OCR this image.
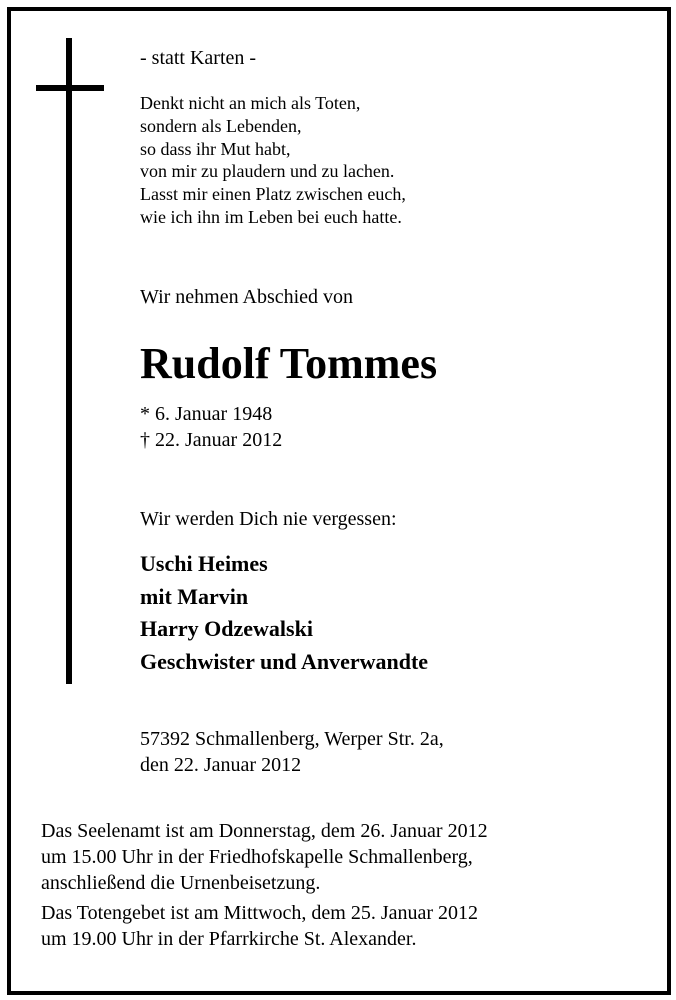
- statt Karten -

Denkt nicht an mich als Toten,
sondern als Lebenden,
so dass ihr Mut habt,
von mir zu plaudern und zu lachen.
Lasst mir einen Platz zwischen euch,
wie ich ihn im Leben bei euch hatte.

Wir nehmen Abschied von

Rudolf Tommes
* 6. Januar 1948
† 22. Januar 2012

Wir werden Dich nie vergessen:

Uschi Heimes
mit Marvin
Harry Odzewalski
Geschwister und Anverwandte
57392 Schmallenberg, Werper Str. 2a,
den 22. Januar 2012
Das Seelenamt ist am Donnerstag, dem 26. Januar 2012
um 15.00 Uhr in der Friedhofskapelle Schmallenberg,
anschließend die Urnenbeisetzung.
Das Totengebet ist am Mittwoch, dem 25. Januar 2012
um 19.00 Uhr in der Pfarrkirche St. Alexander.
